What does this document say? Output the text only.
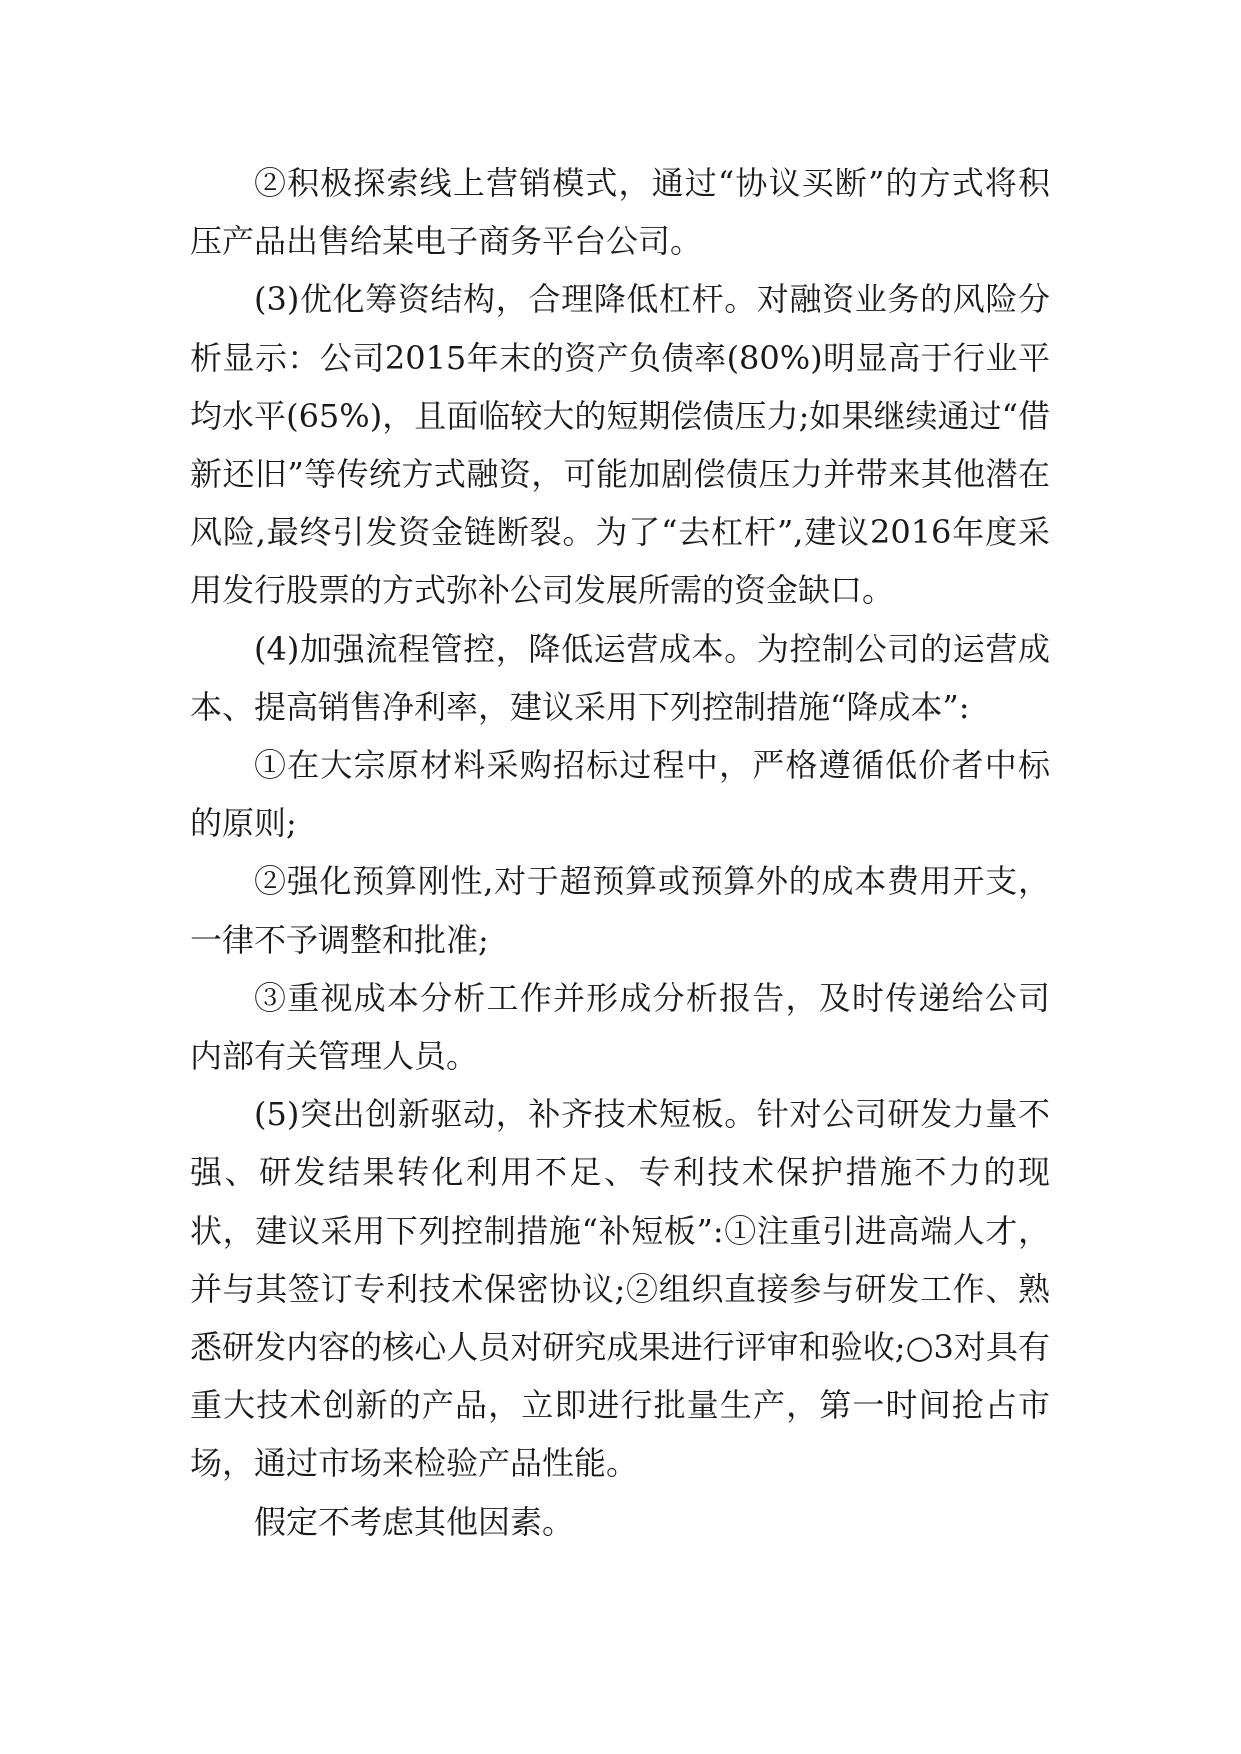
②积极探索线上营销模式，通过“协议买断”的方式将积压产品出售给某电子商务平台公司。

(3)优化筹资结构，合理降低杠杆。对融资业务的风险分析显示：公司2015年末的资产负债率(80%)明显高于行业平均水平(65%)，且面临较大的短期偿债压力;如果继续通过“借新还旧”等传统方式融资，可能加剧偿债压力并带来其他潜在风险,最终引发资金链断裂。为了“去杠杆”,建议2016年度采用发行股票的方式弥补公司发展所需的资金缺口。

(4)加强流程管控，降低运营成本。为控制公司的运营成本、提高销售净利率，建议采用下列控制措施“降成本”:

①在大宗原材料采购招标过程中，严格遵循低价者中标的原则;

②强化预算刚性,对于超预算或预算外的成本费用开支，一律不予调整和批准;

③重视成本分析工作并形成分析报告，及时传递给公司内部有关管理人员。

(5)突出创新驱动，补齐技术短板。针对公司研发力量不强、研发结果转化利用不足、专利技术保护措施不力的现状，建议采用下列控制措施“补短板”:①注重引进高端人才，并与其签订专利技术保密协议;②组织直接参与研发工作、熟悉研发内容的核心人员对研究成果进行评审和验收;○3对具有重大技术创新的产品，立即进行批量生产，第一时间抢占市场，通过市场来检验产品性能。

假定不考虑其他因素。
